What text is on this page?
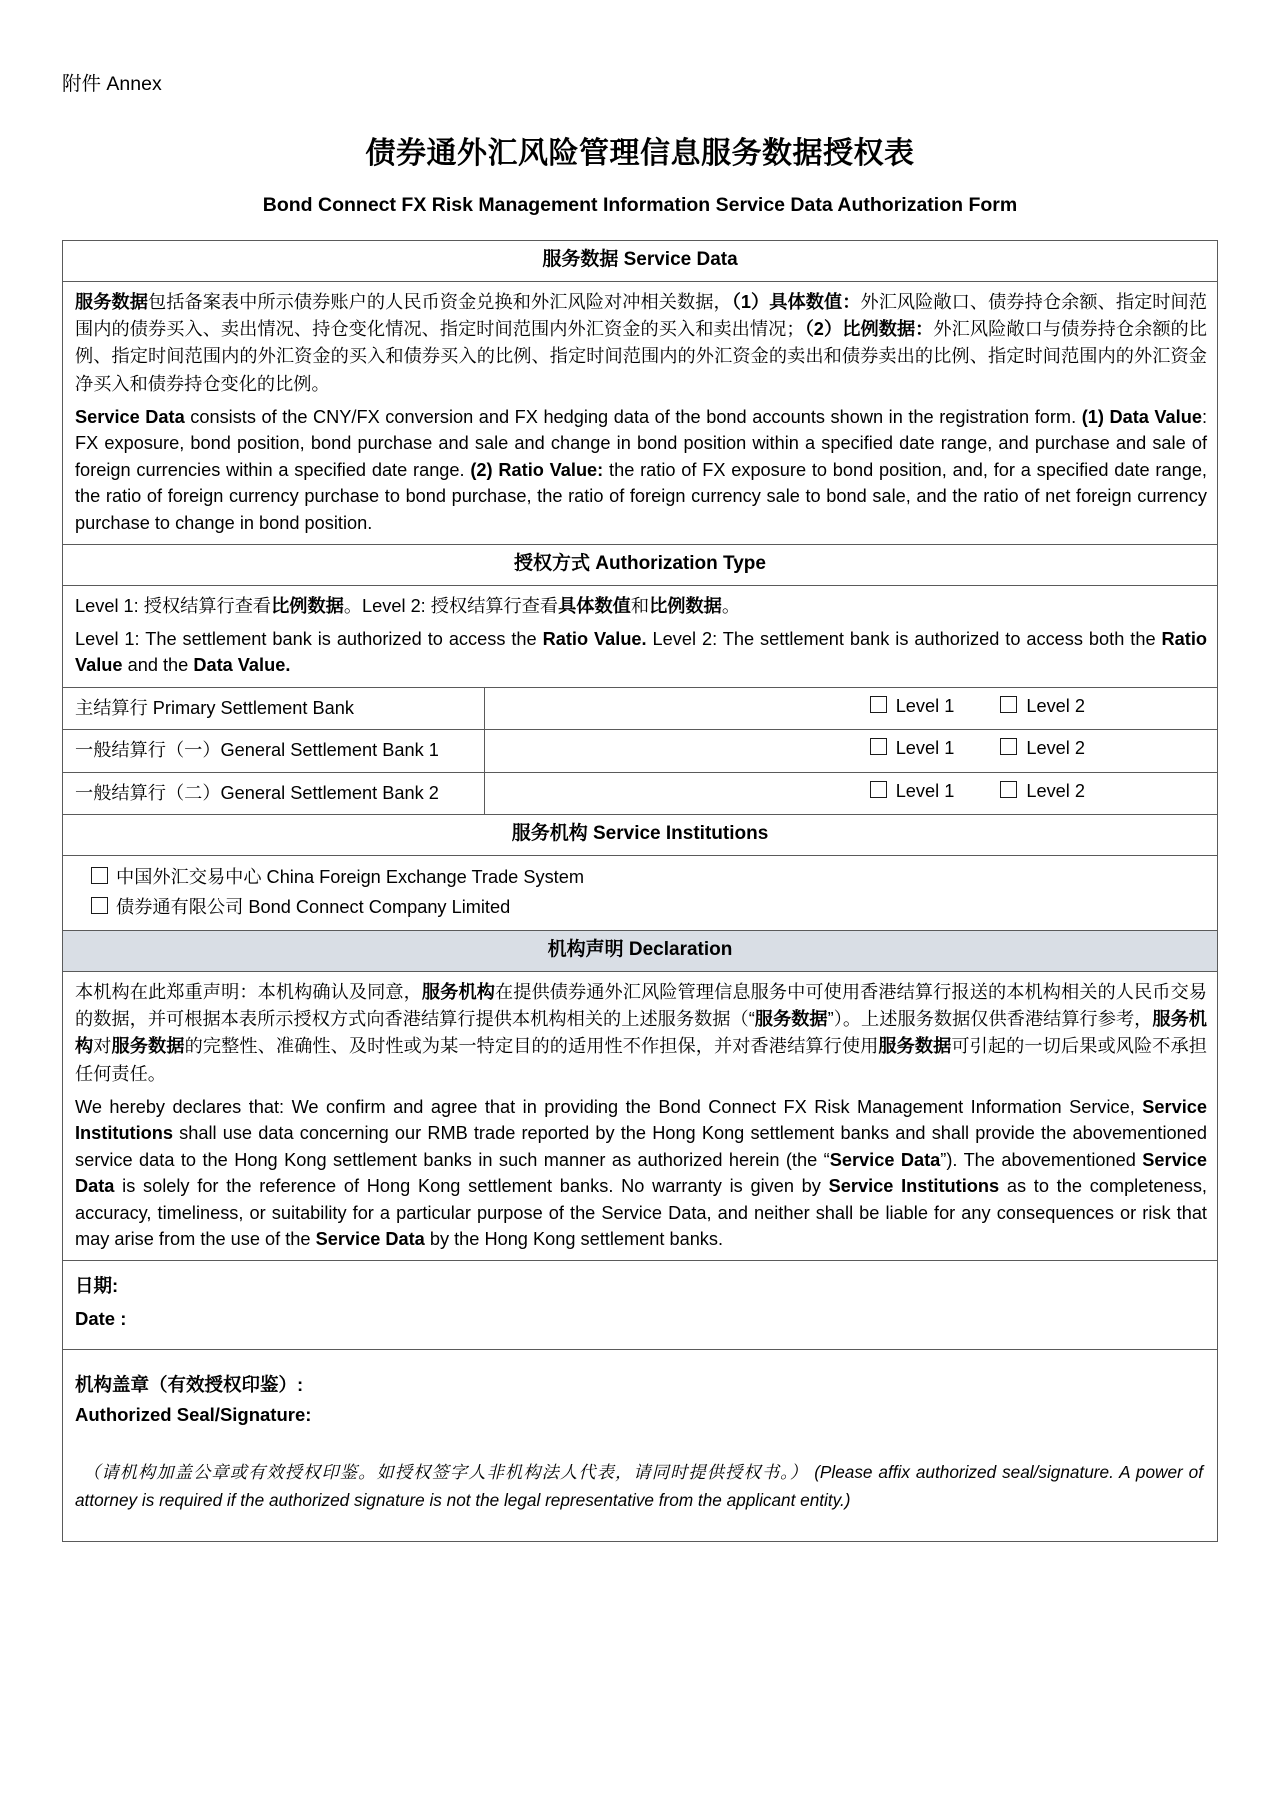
附件 Annex
债券通外汇风险管理信息服务数据授权表
Bond Connect FX Risk Management Information Service Data Authorization Form
服务数据 Service Data	

服务数据包括备案表中所示债券账户的人民币资金兑换和外汇风险对冲相关数据，（1）具体数值：外汇风险敞口、债券持仓余额、指定时间范围内的债券买入、卖出情况、持仓变化情况、指定时间范围内外汇资金的买入和卖出情况；（2）比例数据：外汇风险敞口与债券持仓余额的比例、指定时间范围内的外汇资金的买入和债券买入的比例、指定时间范围内的外汇资金的卖出和债券卖出的比例、指定时间范围内的外汇资金净买入和债券持仓变化的比例。

Service Data consists of the CNY/FX conversion and FX hedging data of the bond accounts shown in the registration form. (1) Data Value: FX exposure, bond position, bond purchase and sale and change in bond position within a specified date range, and purchase and sale of foreign currencies within a specified date range. (2) Ratio Value: the ratio of FX exposure to bond position, and, for a specified date range, the ratio of foreign currency purchase to bond purchase, the ratio of foreign currency sale to bond sale, and the ratio of net foreign currency purchase to change in bond position.	

授权方式 Authorization Type	

Level 1: 授权结算行查看比例数据。Level 2: 授权结算行查看具体数值和比例数据。

Level 1: The settlement bank is authorized to access the Ratio Value. Level 2: The settlement bank is authorized to access both the Ratio Value and the Data Value.	

主结算行 Primary Settlement Bank	Level 1 Level 2
一般结算行（一）General Settlement Bank 1	Level 1 Level 2
一般结算行（二）General Settlement Bank 2	Level 1 Level 2
服务机构 Service Institutions	

中国外汇交易中心 China Foreign Exchange Trade System
债券通有限公司 Bond Connect Company Limited	

机构声明 Declaration	

本机构在此郑重声明：本机构确认及同意，服务机构在提供债券通外汇风险管理信息服务中可使用香港结算行报送的本机构相关的人民币交易的数据，并可根据本表所示授权方式向香港结算行提供本机构相关的上述服务数据（“服务数据”）。上述服务数据仅供香港结算行参考，服务机构对服务数据的完整性、准确性、及时性或为某一特定目的的适用性不作担保，并对香港结算行使用服务数据可引起的一切后果或风险不承担任何责任。

We hereby declares that: We confirm and agree that in providing the Bond Connect FX Risk Management Information Service, Service Institutions shall use data concerning our RMB trade reported by the Hong Kong settlement banks and shall provide the abovementioned service data to the Hong Kong settlement banks in such manner as authorized herein (the “Service Data”). The abovementioned Service Data is solely for the reference of Hong Kong settlement banks. No warranty is given by Service Institutions as to the completeness, accuracy, timeliness, or suitability for a particular purpose of the Service Data, and neither shall be liable for any consequences or risk that may arise from the use of the Service Data by the Hong Kong settlement banks.	

日期:
Date :	

机构盖章（有效授权印鉴）:
Authorized Seal/Signature:
（请机构加盖公章或有效授权印鉴。如授权签字人非机构法人代表，请同时提供授权书。） (Please affix authorized seal/signature. A power of attorney is required if the authorized signature is not the legal representative from the applicant entity.)	
